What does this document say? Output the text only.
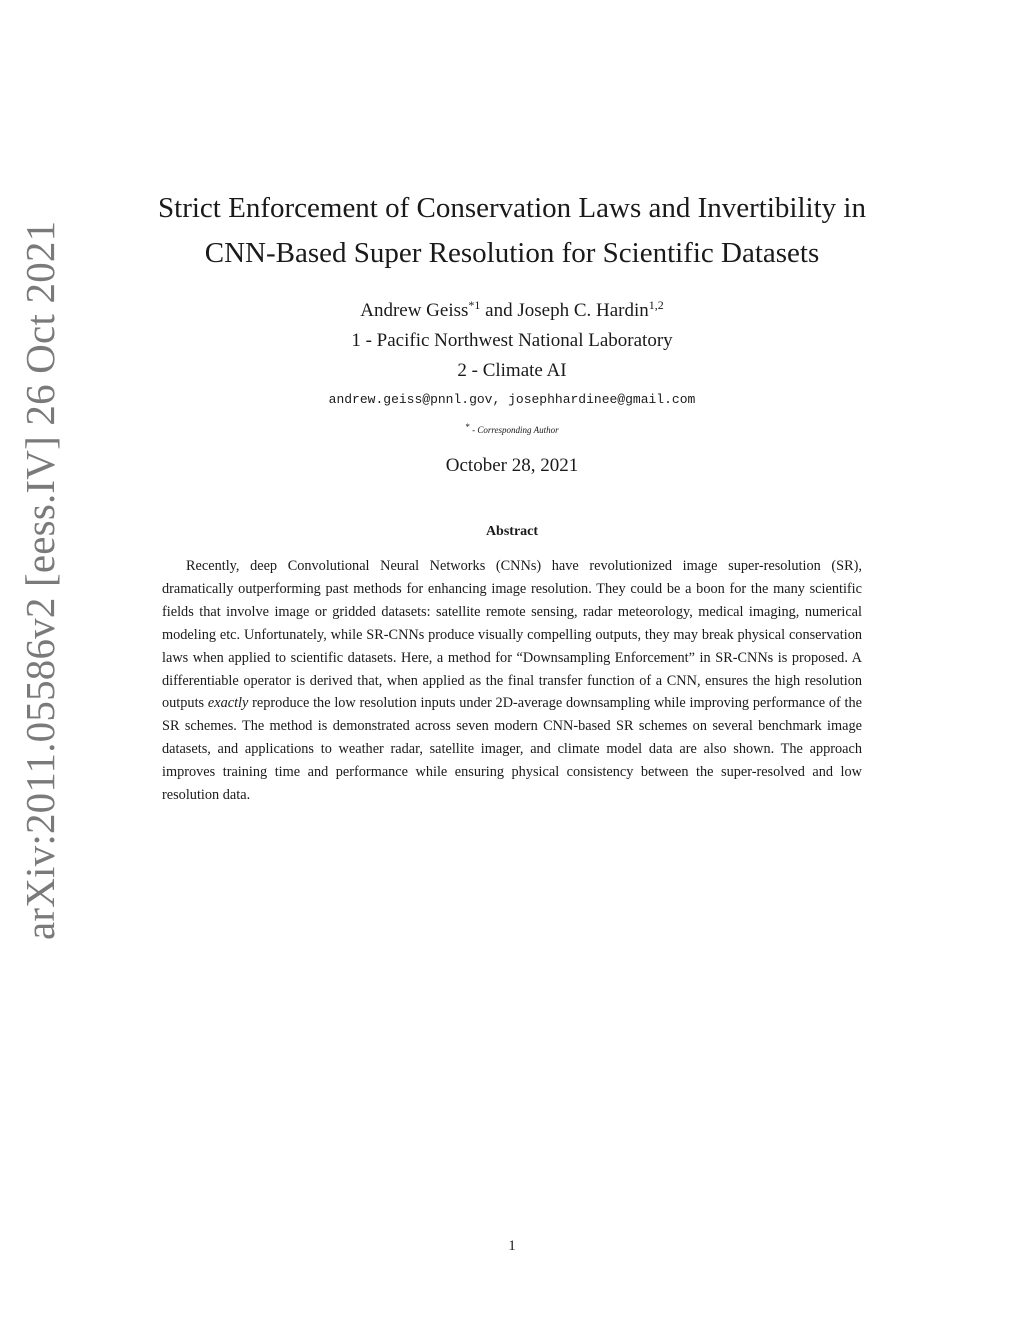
arXiv:2011.05586v2 [eess.IV] 26 Oct 2021
Strict Enforcement of Conservation Laws and Invertibility in
CNN-Based Super Resolution for Scientific Datasets
Andrew Geiss$^{*1}$ and Joseph C. Hardin$^{1,2}$
1 - Pacific Northwest National Laboratory
2 - Climate AI
andrew.geiss@pnnl.gov, josephhardinee@gmail.com
* - Corresponding Author
October 28, 2021
Abstract

Recently, deep Convolutional Neural Networks (CNNs) have revolutionized image super-resolution (SR), dramatically outperforming past methods for enhancing image resolution. They could be a boon for the many scientific fields that involve image or gridded datasets: satellite remote sensing, radar meteorology, medical imaging, numerical modeling etc. Unfortunately, while SR-CNNs produce visually compelling outputs, they may break physical conservation laws when applied to scientific datasets. Here, a method for “Downsampling Enforcement” in SR-CNNs is proposed. A differentiable operator is derived that, when applied as the final transfer function of a CNN, ensures the high resolution outputs exactly reproduce the low resolution inputs under 2D-average downsampling while improving performance of the SR schemes. The method is demonstrated across seven modern CNN-based SR schemes on several benchmark image datasets, and applications to weather radar, satellite imager, and climate model data are also shown. The approach improves training time and performance while ensuring physical consistency between the super-resolved and low resolution data.

1
